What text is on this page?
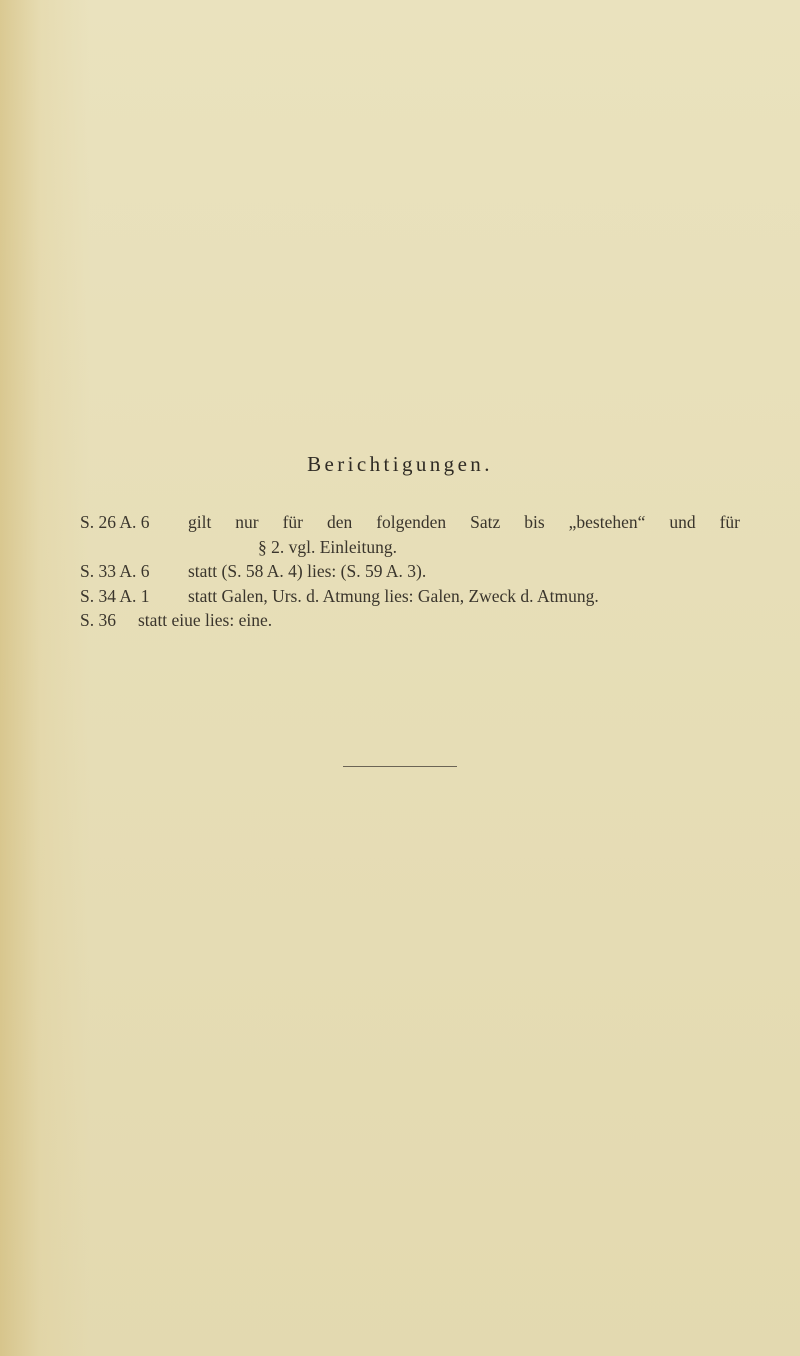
Berichtigungen.
S. 26 A. 6	gilt nur für den folgenden Satz bis „bestehen“ und für
§ 2. vgl. Einleitung.
S. 33 A. 6	statt (S. 58 A. 4) lies: (S. 59 A. 3).
S. 34 A. 1	statt Galen, Urs. d. Atmung lies: Galen, Zweck d. Atmung.
S. 36	statt eiue lies: eine.
